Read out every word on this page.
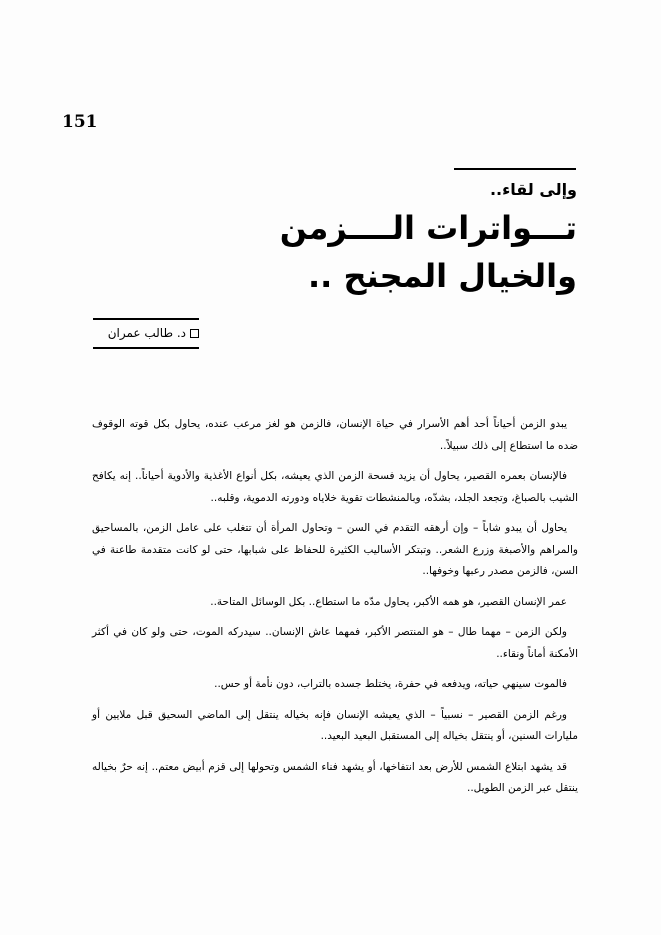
151
وإلى لقاء..
تـــواترات الــــزمن
والخيال المجنح ..
د. طالب عمران

يبدو الزمن أحياناً أحد أهم الأسرار في حياة الإنسان، فالزمن هو لغز مرعب عنده، يحاول بكل قوته الوقوف ضده ما استطاع إلى ذلك سبيلاً..

فالإنسان بعمره القصير، يحاول أن يزيد فسحة الزمن الذي يعيشه، بكل أنواع الأغذية والأدوية أحياناً.. إنه يكافح الشيب بالصباغ، وتجعد الجلد، بشدّه، وبالمنشطات تقوية خلاياه ودورته الدموية، وقلبه..

يحاول أن يبدو شاباً – وإن أرهقه التقدم في السن – وتحاول المرأة أن تتغلب على عامل الزمن، بالمساحيق والمراهم والأصبغة وزرع الشعر.. وتبتكر الأساليب الكثيرة للحفاظ على شبابها، حتى لو كانت متقدمة طاعنة في السن، فالزمن مصدر رعبها وخوفها..

عمر الإنسان القصير، هو همه الأكبر، يحاول مدّه ما استطاع.. بكل الوسائل المتاحة..

ولكن الزمن – مهما طال – هو المنتصر الأكبر، فمهما عاش الإنسان.. سيدركه الموت، حتى ولو كان في أكثر الأمكنة أماناً ونقاء..

فالموت سينهي حياته، ويدفعه في حفرة، يختلط جسده بالتراب، دون نأمة أو حس..

ورغم الزمن القصير – نسبياً – الذي يعيشه الإنسان فإنه بخياله ينتقل إلى الماضي السحيق قبل ملايين أو مليارات السنين، أو ينتقل بخياله إلى المستقبل البعيد البعيد..

قد يشهد ابتلاع الشمس للأرض بعد انتفاخها، أو يشهد فناء الشمس وتحولها إلى قزم أبيض معتم.. إنه حرٌ بخياله ينتقل عبر الزمن الطويل..
